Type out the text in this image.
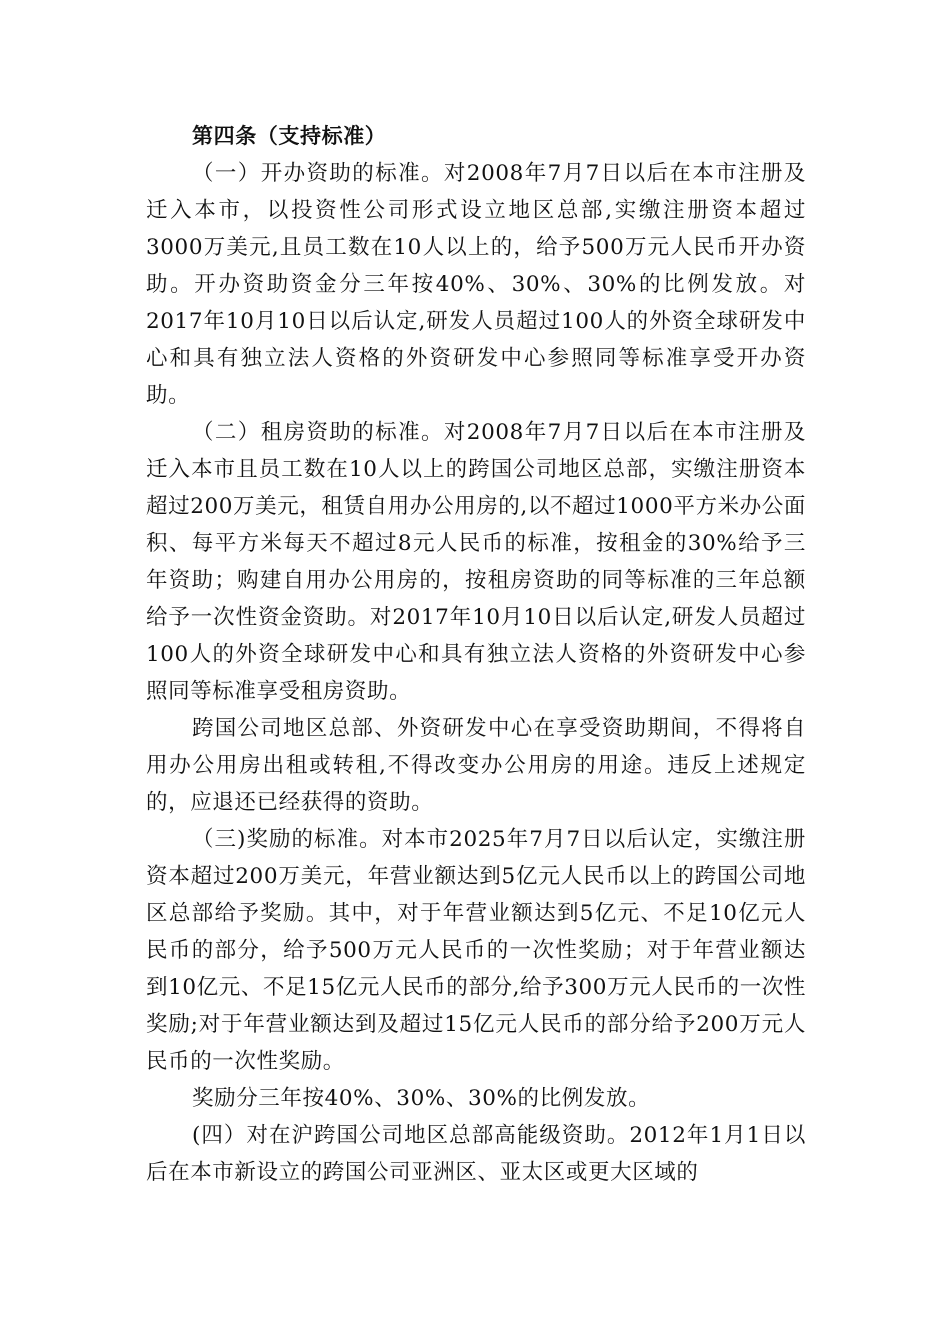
第四条（支持标准）

（一）开办资助的标准。对2008年7月7日以后在本市注册及迁入本市，以投资性公司形式设立地区总部,实缴注册资本超过3000万美元,且员工数在10人以上的，给予500万元人民币开办资助。开办资助资金分三年按40%、30%、30%的比例发放。对2017年10月10日以后认定,研发人员超过100人的外资全球研发中心和具有独立法人资格的外资研发中心参照同等标准享受开办资助。

（二）租房资助的标准。对2008年7月7日以后在本市注册及迁入本市且员工数在10人以上的跨国公司地区总部，实缴注册资本超过200万美元，租赁自用办公用房的,以不超过1000平方米办公面积、每平方米每天不超过8元人民币的标准，按租金的30%给予三年资助；购建自用办公用房的，按租房资助的同等标准的三年总额给予一次性资金资助。对2017年10月10日以后认定,研发人员超过100人的外资全球研发中心和具有独立法人资格的外资研发中心参照同等标准享受租房资助。

跨国公司地区总部、外资研发中心在享受资助期间，不得将自用办公用房出租或转租,不得改变办公用房的用途。违反上述规定的，应退还已经获得的资助。

（三)奖励的标准。对本市2025年7月7日以后认定，实缴注册资本超过200万美元，年营业额达到5亿元人民币以上的跨国公司地区总部给予奖励。其中，对于年营业额达到5亿元、不足10亿元人民币的部分，给予500万元人民币的一次性奖励；对于年营业额达到10亿元、不足15亿元人民币的部分,给予300万元人民币的一次性奖励;对于年营业额达到及超过15亿元人民币的部分给予200万元人民币的一次性奖励。

奖励分三年按40%、30%、30%的比例发放。

(四）对在沪跨国公司地区总部高能级资助。2012年1月1日以后在本市新设立的跨国公司亚洲区、亚太区或更大区域的
